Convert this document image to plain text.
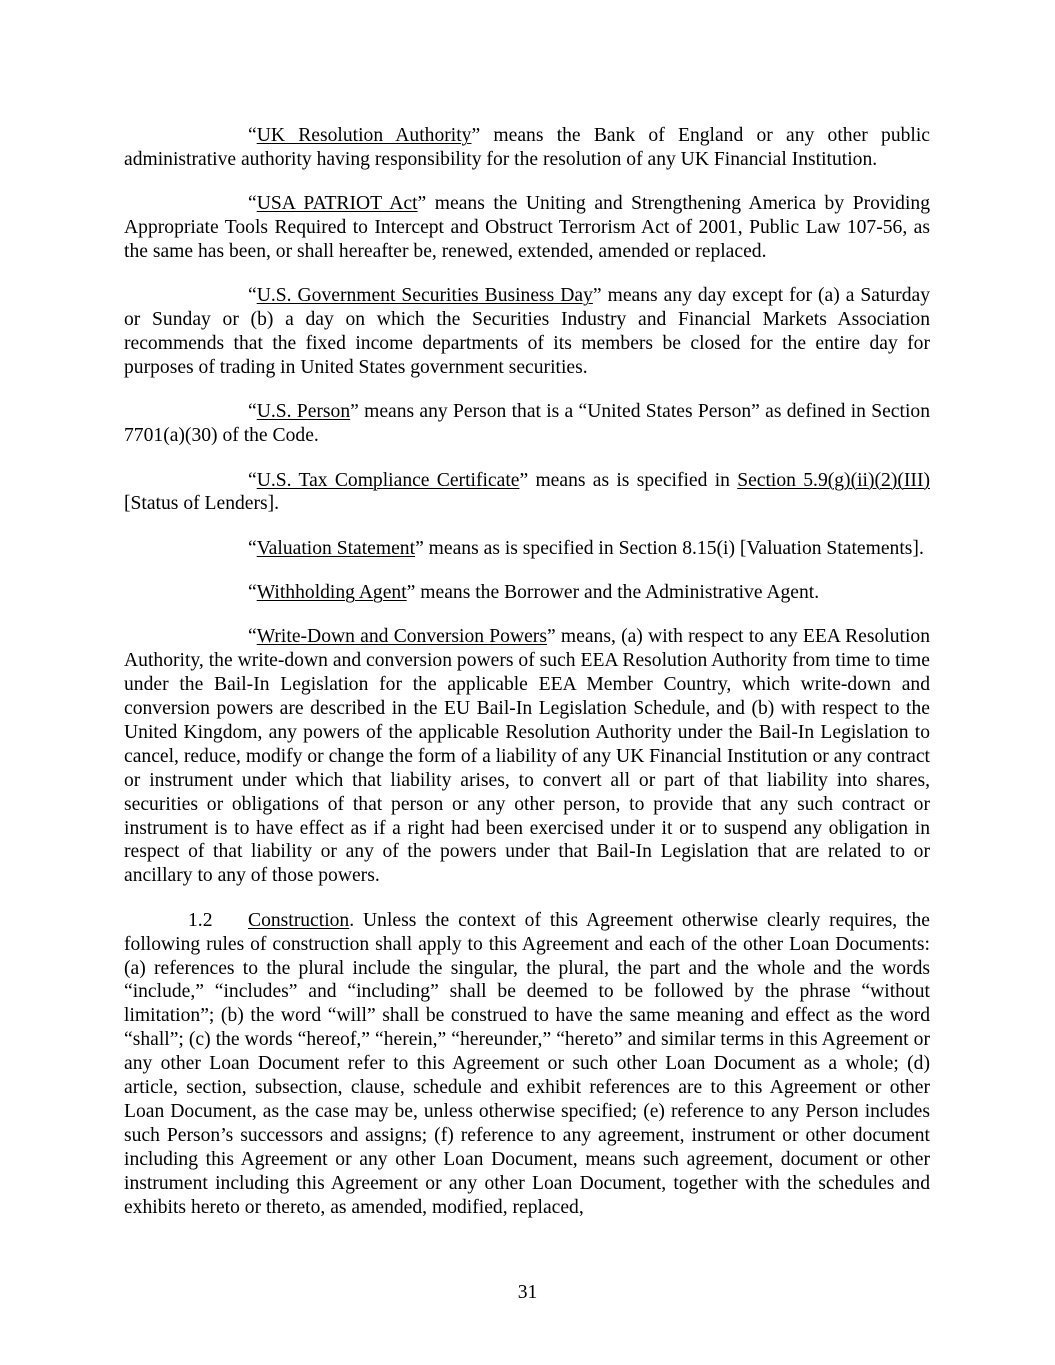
“UK Resolution Authority” means the Bank of England or any other public administrative authority having responsibility for the resolution of any UK Financial Institution.

“USA PATRIOT Act” means the Uniting and Strengthening America by Providing Appropriate Tools Required to Intercept and Obstruct Terrorism Act of 2001, Public Law 107-56, as the same has been, or shall hereafter be, renewed, extended, amended or replaced.

“U.S. Government Securities Business Day” means any day except for (a) a Saturday or Sunday or (b) a day on which the Securities Industry and Financial Markets Association recommends that the fixed income departments of its members be closed for the entire day for purposes of trading in United States government securities.

“U.S. Person” means any Person that is a “United States Person” as defined in Section 7701(a)(30) of the Code.

“U.S. Tax Compliance Certificate” means as is specified in Section 5.9(g)(ii)(2)(III) [Status of Lenders].

“Valuation Statement” means as is specified in Section 8.15(i) [Valuation Statements].

“Withholding Agent” means the Borrower and the Administrative Agent.

“Write-Down and Conversion Powers” means, (a) with respect to any EEA Resolution Authority, the write-down and conversion powers of such EEA Resolution Authority from time to time under the Bail-In Legislation for the applicable EEA Member Country, which write-down and conversion powers are described in the EU Bail-In Legislation Schedule, and (b) with respect to the United Kingdom, any powers of the applicable Resolution Authority under the Bail-In Legislation to cancel, reduce, modify or change the form of a liability of any UK Financial Institution or any contract or instrument under which that liability arises, to convert all or part of that liability into shares, securities or obligations of that person or any other person, to provide that any such contract or instrument is to have effect as if a right had been exercised under it or to suspend any obligation in respect of that liability or any of the powers under that Bail-In Legislation that are related to or ancillary to any of those powers.

1.2 Construction. Unless the context of this Agreement otherwise clearly requires, the following rules of construction shall apply to this Agreement and each of the other Loan Documents: (a) references to the plural include the singular, the plural, the part and the whole and the words “include,” “includes” and “including” shall be deemed to be followed by the phrase “without limitation”; (b) the word “will” shall be construed to have the same meaning and effect as the word “shall”; (c) the words “hereof,” “herein,” “hereunder,” “hereto” and similar terms in this Agreement or any other Loan Document refer to this Agreement or such other Loan Document as a whole; (d) article, section, subsection, clause, schedule and exhibit references are to this Agreement or other Loan Document, as the case may be, unless otherwise specified; (e) reference to any Person includes such Person’s successors and assigns; (f) reference to any agreement, instrument or other document including this Agreement or any other Loan Document, means such agreement, document or other instrument including this Agreement or any other Loan Document, together with the schedules and exhibits hereto or thereto, as amended, modified, replaced,

31
